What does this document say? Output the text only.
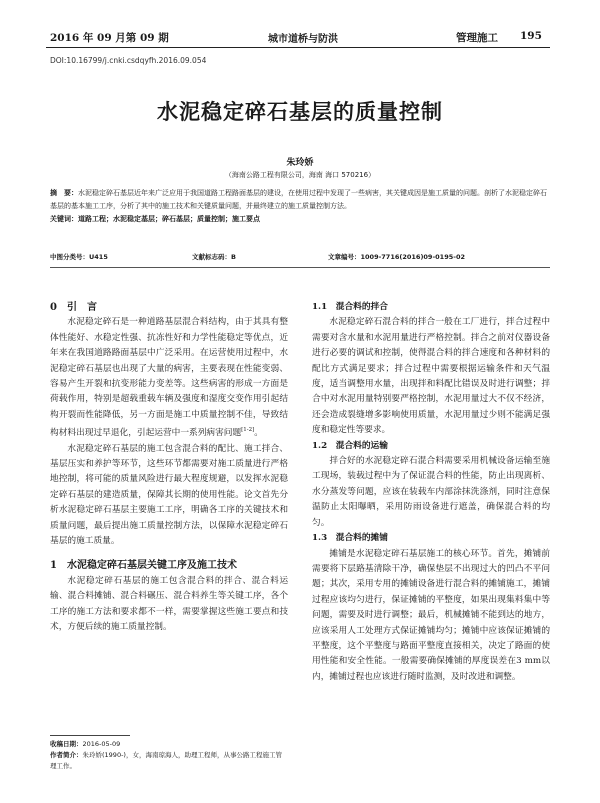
2016 年 09 月第 09 期	城市道桥与防洪	管理施工 195
DOI:10.16799/j.cnki.csdqyfh.2016.09.054
水泥稳定碎石基层的质量控制
朱玲娇
（海南公路工程有限公司，海南 海口 570216）
摘　要：水泥稳定碎石基层近年来广泛应用于我国道路工程路面基层的建设，在使用过程中发现了一些病害，其关键成因是施工质量的问题。剖析了水泥稳定碎石基层的基本施工工序，分析了其中的施工技术和关键质量问题，并最终建立的施工质量控制方法。
关键词：道路工程；水泥稳定基层；碎石基层；质量控制；施工要点
中图分类号：U415	文献标志码：B	文章编号：1009-7716(2016)09-0195-02

0　引　言

水泥稳定碎石是一种道路基层混合料结构，由于其具有整体性能好、水稳定性强、抗冻性好和力学性能稳定等优点，近年来在我国道路路面基层中广泛采用。在运营使用过程中，水泥稳定碎石基层也出现了大量的病害，主要表现在性能变弱、容易产生开裂和抗变形能力变差等。这些病害的形成一方面是荷载作用，特别是超载重载车辆及强度和湿度交变作用引起结构开裂而性能降低，另一方面是施工中质量控制不佳，导致结构材料出现过早退化，引起运营中一系列病害问题[1-2]。

水泥稳定碎石基层的施工包含混合料的配比、施工拌合、基层压实和养护等环节，这些环节都需要对施工质量进行严格地控制，将可能的质量风险进行最大程度规避，以发挥水泥稳定碎石基层的建造质量，保障其长期的使用性能。论文首先分析水泥稳定碎石基层主要施工工序，明确各工序的关键技术和质量问题，最后提出施工质量控制方法，以保障水泥稳定碎石基层的施工质量。

1　水泥稳定碎石基层关键工序及施工技术

水泥稳定碎石基层的施工包含混合料的拌合、混合料运输、混合料摊铺、混合料碾压、混合料养生等关键工序，各个工序的施工方法和要求都不一样，需要掌握这些施工要点和技术，方便后续的施工质量控制。

收稿日期：2016-05-09
作者简介：朱玲娇(1990-)，女，海南琼海人，助理工程师，从事公路工程施工管理工作。

1.1　混合料的拌合

水泥稳定碎石混合料的拌合一般在工厂进行，拌合过程中需要对含水量和水泥用量进行严格控制。拌合之前对仪器设备进行必要的调试和控制，使得混合料的拌合速度和各种材料的配比方式满足要求；拌合过程中需要根据运输条件和天气温度，适当调整用水量，出现拌和料配比错误及时进行调整；拌合中对水泥用量特别要严格控制，水泥用量过大不仅不经济，还会造成裂缝增多影响使用质量，水泥用量过少则不能满足强度和稳定性等要求。

1.2　混合料的运输

拌合好的水泥稳定碎石混合料需要采用机械设备运输至施工现场，装载过程中为了保证混合料的性能，防止出现离析、水分蒸发等问题，应该在装载车内部涂抹洗涤剂，同时注意保温防止太阳曝晒，采用防雨设备进行遮盖，确保混合料的均匀。

1.3　混合料的摊铺

摊铺是水泥稳定碎石基层施工的核心环节。首先，摊铺前需要将下层路基清除干净，确保垫层不出现过大的凹凸不平问题；其次，采用专用的摊铺设备进行混合料的摊铺施工，摊铺过程应该均匀进行，保证摊铺的平整度，如果出现集料集中等问题，需要及时进行调整；最后，机械摊铺不能到达的地方，应该采用人工处理方式保证摊铺均匀；摊铺中应该保证摊铺的平整度，这个平整度与路面平整度直接相关，决定了路面的使用性能和安全性能。一般需要确保摊铺的厚度误差在3 mm以内，摊铺过程也应该进行随时监测，及时改进和调整。
